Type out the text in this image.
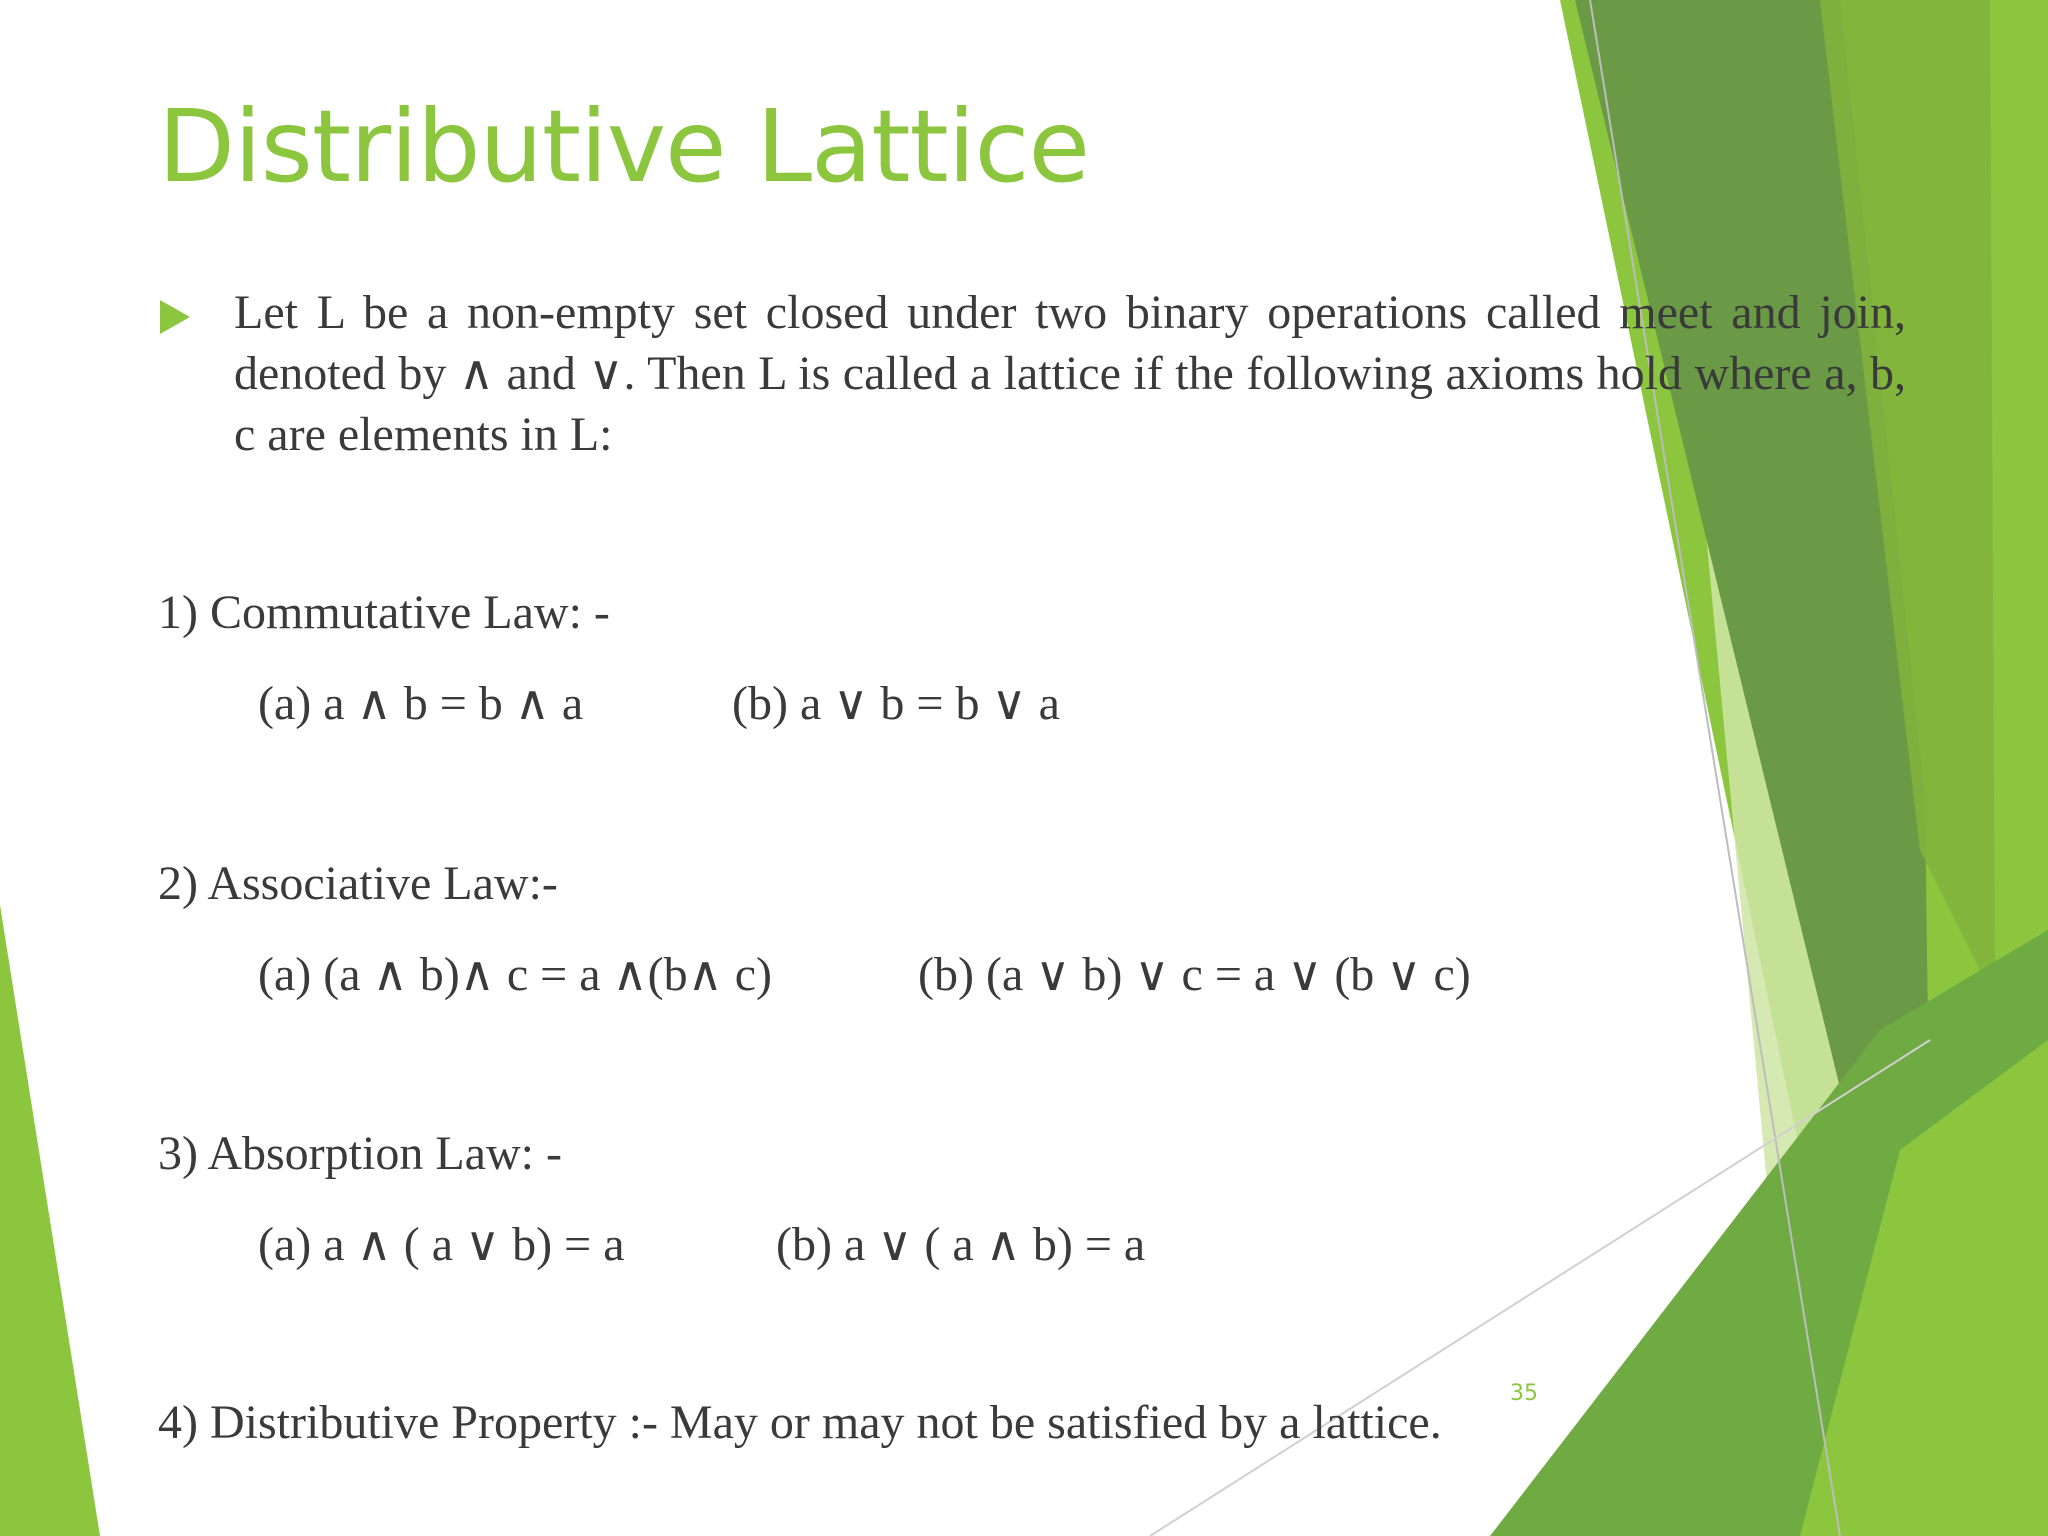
Distributive Lattice
Let L be a non-empty set closed under two binary operations called meet and join, denoted by ∧ and ∨. Then L is called a lattice if the following axioms hold where a, b, c are elements in L:
1) Commutative Law: -
(a) a ∧ b = b ∧ a	(b) a ∨ b = b ∨ a
2) Associative Law:-
(a) (a ∧ b)∧ c = a ∧(b∧ c)	(b) (a ∨ b) ∨ c = a ∨ (b ∨ c)
3) Absorption Law: -
(a) a ∧ ( a ∨ b) = a	(b) a ∨ ( a ∧ b) = a
4) Distributive Property :- May or may not be satisfied by a lattice.
35
